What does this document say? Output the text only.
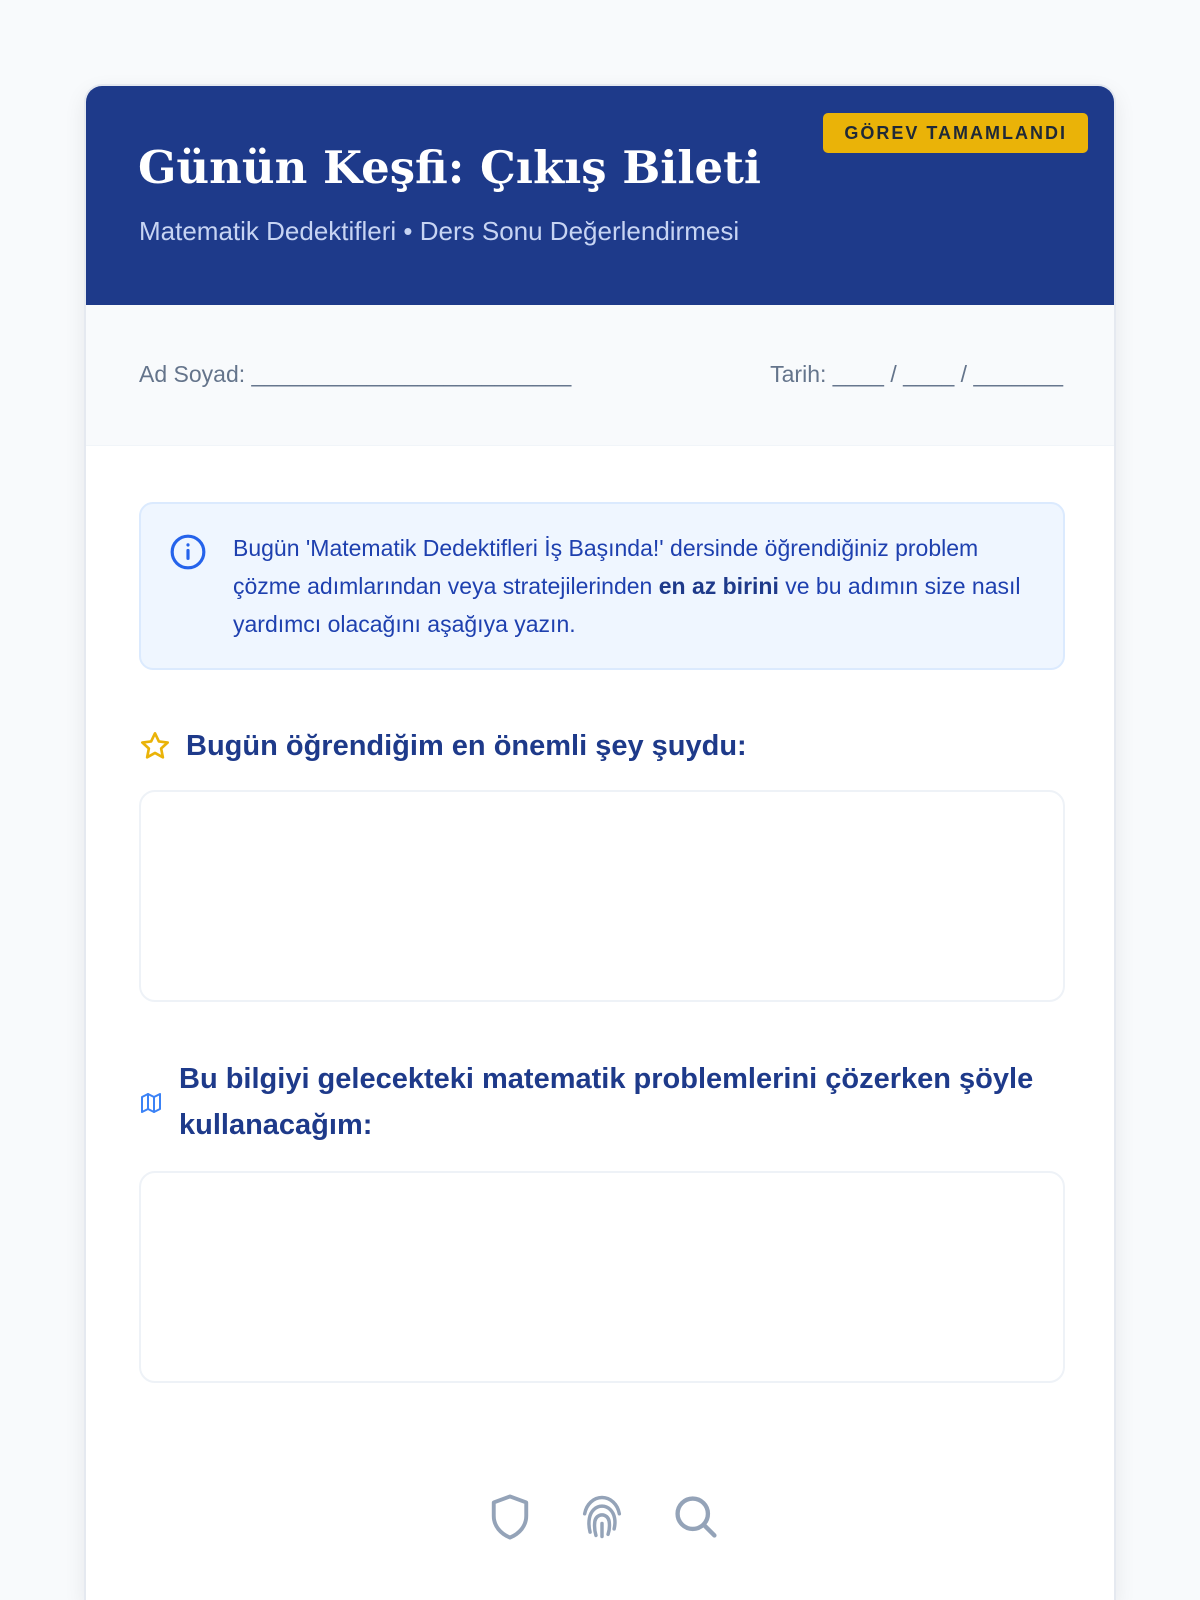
GÖREV TAMAMLANDI
Günün Keşfi: Çıkış Bileti
Matematik Dedektifleri • Ders Sonu Değerlendirmesi
Ad Soyad: _________________________	Tarih: ____ / ____ / _______
Bugün 'Matematik Dedektifleri İş Başında!' dersinde öğrendiğiniz problem çözme adımlarından veya stratejilerinden en az birini ve bu adımın size nasıl yardımcı olacağını aşağıya yazın.
Bugün öğrendiğim en önemli şey şuydu:
Bu bilgiyi gelecekteki matematik problemlerini çözerken şöyle kullanacağım:
